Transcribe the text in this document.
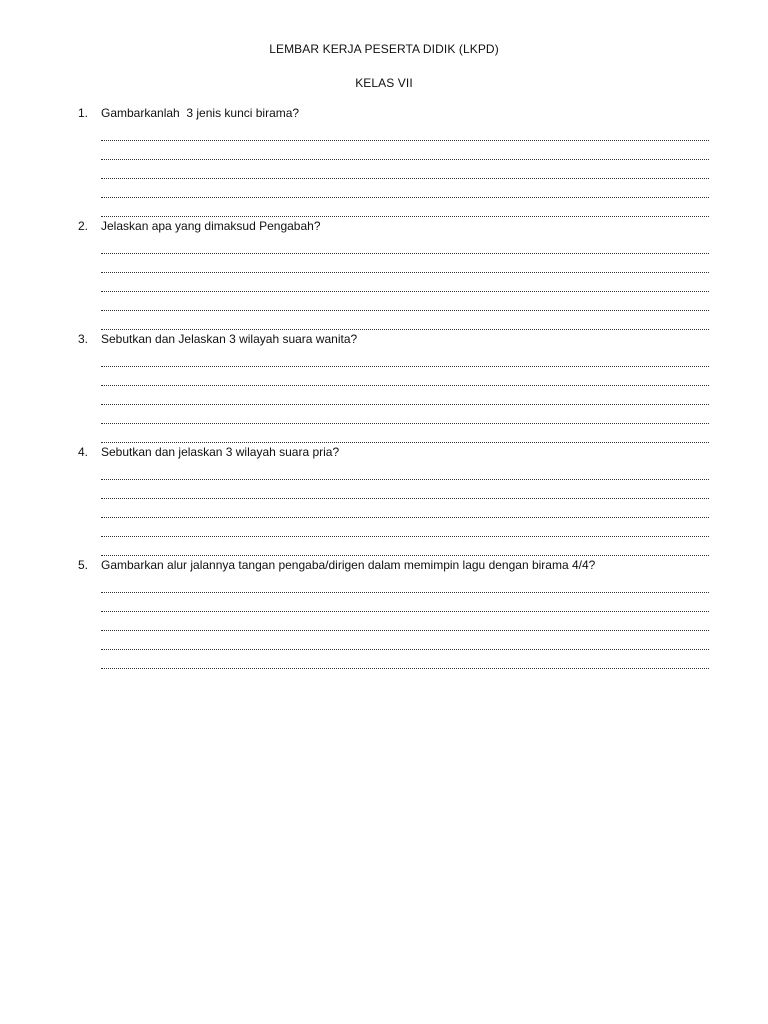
LEMBAR KERJA PESERTA DIDIK (LKPD)
KELAS VII
1.	Gambarkanlah  3 jenis kunci birama?
2.	Jelaskan apa yang dimaksud Pengabah?
3.	Sebutkan dan Jelaskan 3 wilayah suara wanita?
4.	Sebutkan dan jelaskan 3 wilayah suara pria?
5.	Gambarkan alur jalannya tangan pengaba/dirigen dalam memimpin lagu dengan birama 4/4?
